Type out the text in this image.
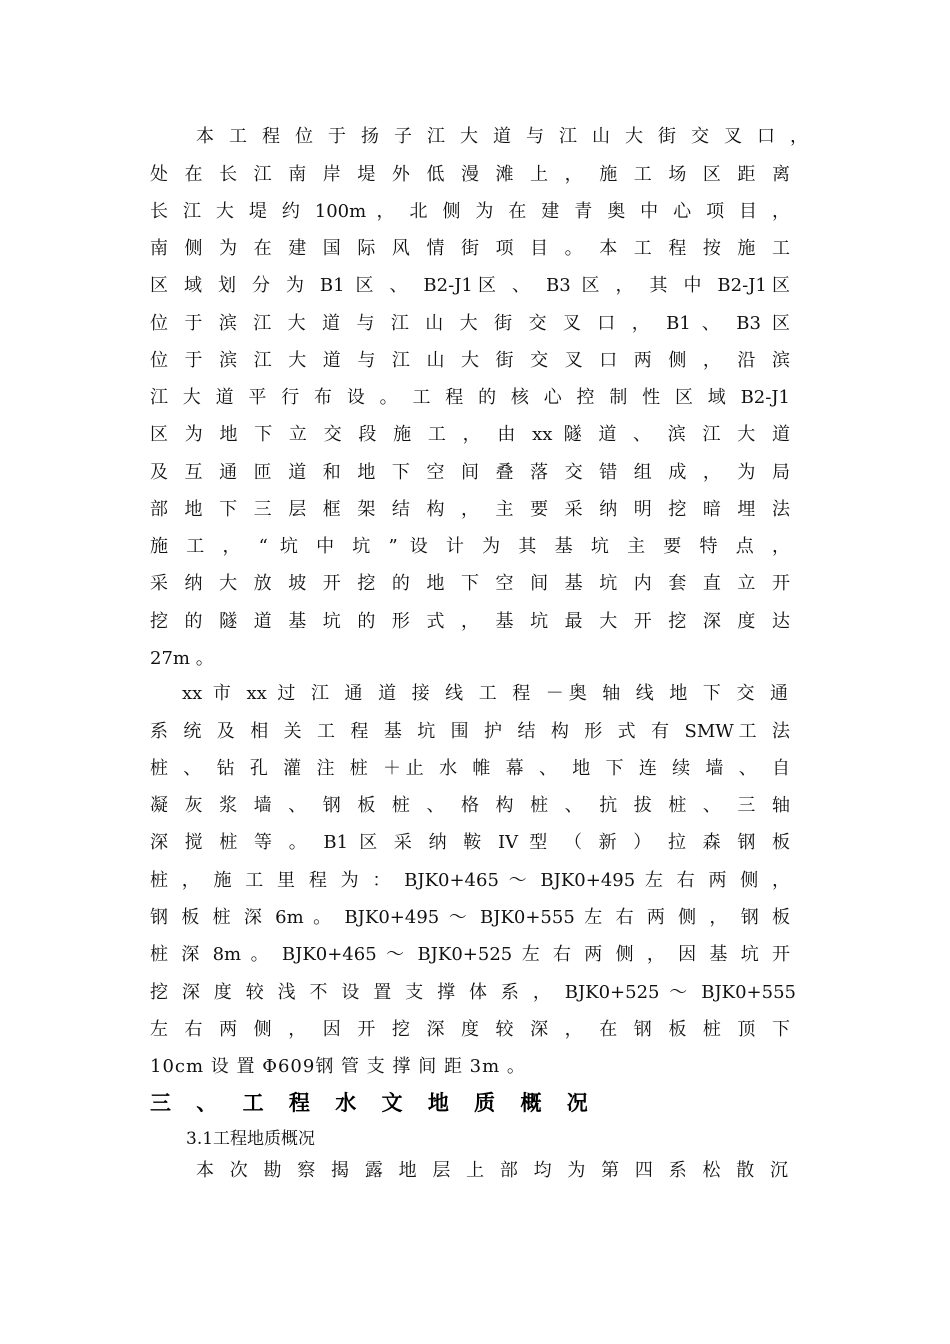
本 工 程 位 于 扬 子 江 大 道 与 江 山 大 街 交 叉 口 ，
处 在 长 江 南 岸 堤 外 低 漫 滩 上 ， 施 工 场 区 距 离
长 江 大 堤 约 100m ， 北 侧 为 在 建 青 奥 中 心 项 目 ，
南 侧 为 在 建 国 际 风 情 街 项 目 。 本 工 程 按 施 工
区 域 划 分 为 B1 区 、 B2-J1区 、 B3 区 ， 其 中 B2-J1区
位 于 滨 江 大 道 与 江 山 大 街 交 叉 口 ， B1 、 B3 区
位 于 滨 江 大 道 与 江 山 大 街 交 叉 口 两 侧 ， 沿 滨
江 大 道 平 行 布 设 。 工 程 的 核 心 控 制 性 区 域 B2-J1
区 为 地 下 立 交 段 施 工 ， 由 xx 隧 道 、 滨 江 大 道
及 互 通 匝 道 和 地 下 空 间 叠 落 交 错 组 成 ， 为 局
部 地 下 三 层 框 架 结 构 ， 主 要 采 纳 明 挖 暗 埋 法
施 工 ， “ 坑 中 坑 ” 设 计 为 其 基 坑 主 要 特 点 ，
采 纳 大 放 坡 开 挖 的 地 下 空 间 基 坑 内 套 直 立 开
挖 的 隧 道 基 坑 的 形 式 ， 基 坑 最 大 开 挖 深 度 达
27m 。
xx 市 xx 过 江 通 道 接 线 工 程 －奥 轴 线 地 下 交 通
系 统 及 相 关 工 程 基 坑 围 护 结 构 形 式 有 SMW工 法
桩 、 钻 孔 灌 注 桩 ＋止 水 帷 幕 、 地 下 连 续 墙 、 自
凝 灰 浆 墙 、 钢 板 桩 、 格 构 桩 、 抗 拔 桩 、 三 轴
深 搅 桩 等 。 B1 区 采 纳 鞍 IV 型 （ 新 ） 拉 森 钢 板
桩 ， 施 工 里 程 为 ： BJK0+465 ～ BJK0+495 左 右 两 侧 ，
钢 板 桩 深 6m 。 BJK0+495 ～ BJK0+555 左 右 两 侧 ， 钢 板
桩 深 8m 。 BJK0+465 ～ BJK0+525 左 右 两 侧 ， 因 基 坑 开
挖 深 度 较 浅 不 设 置 支 撑 体 系 ， BJK0+525 ～ BJK0+555
左 右 两 侧 ， 因 开 挖 深 度 较 深 ， 在 钢 板 桩 顶 下
10cm 设 置 Φ609钢 管 支 撑 间 距 3m 。
三 、 工 程 水 文 地 质 概 况
3.1工程地质概况
本 次 勘 察 揭 露 地 层 上 部 均 为 第 四 系 松 散 沉
